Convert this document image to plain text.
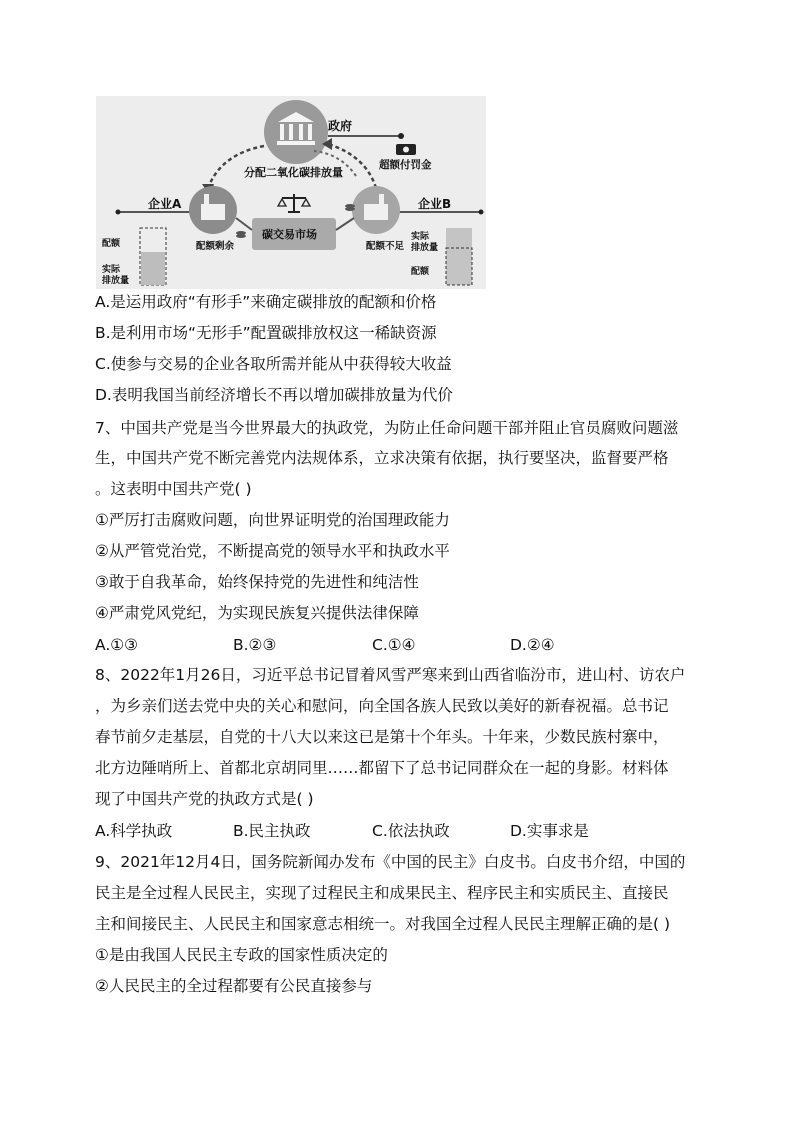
政府
超额付罚金
分配二氧化碳排放量
企业A
配额剩余
企业B
配额不足
碳交易市场
配额
实际
排放量
实际
排放量
配额
A.是运用政府“有形手”来确定碳排放的配额和价格
B.是利用市场“无形手”配置碳排放权这一稀缺资源
C.使参与交易的企业各取所需并能从中获得较大收益
D.表明我国当前经济增长不再以增加碳排放量为代价
7、中国共产党是当今世界最大的执政党，为防止任命问题干部并阻止官员腐败问题滋
生，中国共产党不断完善党内法规体系，立求决策有依据，执行要坚决，监督要严格
。这表明中国共产党( )
①严厉打击腐败问题，向世界证明党的治国理政能力
②从严管党治党，不断提高党的领导水平和执政水平
③敢于自我革命，始终保持党的先进性和纯洁性
④严肃党风党纪，为实现民族复兴提供法律保障
A.①③	B.②③	C.①④	D.②④
8、2022年1月26日，习近平总书记冒着风雪严寒来到山西省临汾市，进山村、访农户
，为乡亲们送去党中央的关心和慰问，向全国各族人民致以美好的新春祝福。总书记
春节前夕走基层，自党的十八大以来这已是第十个年头。十年来，少数民族村寨中，
北方边陲哨所上、首都北京胡同里……都留下了总书记同群众在一起的身影。材料体
现了中国共产党的执政方式是( )
A.科学执政	B.民主执政	C.依法执政	D.实事求是
9、2021年12月4日，国务院新闻办发布《中国的民主》白皮书。白皮书介绍，中国的
民主是全过程人民民主，实现了过程民主和成果民主、程序民主和实质民主、直接民
主和间接民主、人民民主和国家意志相统一。对我国全过程人民民主理解正确的是( )
①是由我国人民民主专政的国家性质决定的
②人民民主的全过程都要有公民直接参与
